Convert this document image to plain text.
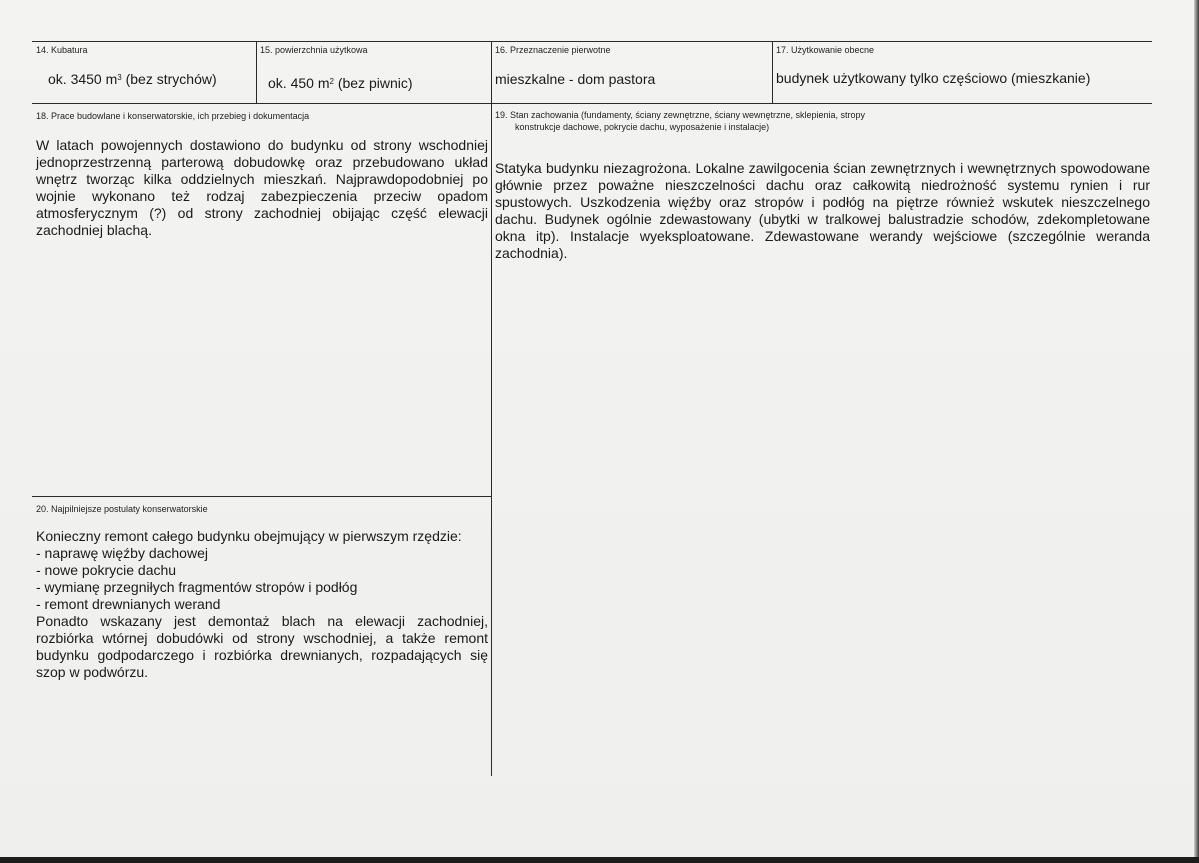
14. Kubatura
ok. 3450 $m^3$ (bez strychów)
15. powierzchnia użytkowa
ok. 450 $m^2$ (bez piwnic)
16. Przeznaczenie pierwotne
mieszkalne - dom pastora
17. Użytkowanie obecne
budynek użytkowany tylko częściowo (mieszkanie)
18. Prace budowlane i konserwatorskie, ich przebieg i dokumentacja
W latach powojennych dostawiono do budynku od strony wschodniej jednoprzestrzenną parterową dobudowkę oraz przebudowano układ wnętrz tworząc kilka oddzielnych mieszkań. Najprawdopodobniej po wojnie wykonano też rodzaj zabezpieczenia przeciw opadom atmosferycznym (?) od strony zachodniej obijając część elewacji zachodniej blachą.
19. Stan zachowania (fundamenty, ściany zewnętrzne, ściany wewnętrzne, sklepienia, stropy
konstrukcje dachowe, pokrycie dachu, wyposażenie i instalacje)
Statyka budynku niezagrożona. Lokalne zawilgocenia ścian zewnętrznych i wewnętrznych spowodowane głównie przez poważne nieszczelności dachu oraz całkowitą niedrożność systemu rynien i rur spustowych. Uszkodzenia więźby oraz stropów i podłóg na piętrze również wskutek nieszczelnego dachu. Budynek ogólnie zdewastowany (ubytki w tralkowej balustradzie schodów, zdekompletowane okna itp). Instalacje wyeksploatowane. Zdewastowane werandy wejściowe (szczególnie weranda zachodnia).
20. Najpilniejsze postulaty konserwatorskie
Konieczny remont całego budynku obejmujący w pierwszym rzędzie:
- naprawę więźby dachowej
- nowe pokrycie dachu
- wymianę przegniłych fragmentów stropów i podłóg
- remont drewnianych werand
Ponadto wskazany jest demontaż blach na elewacji zachodniej, rozbiórka wtórnej dobudówki od strony wschodniej, a także remont budynku godpodarczego i rozbiórka drewnianych, rozpadających się szop w podwórzu.
